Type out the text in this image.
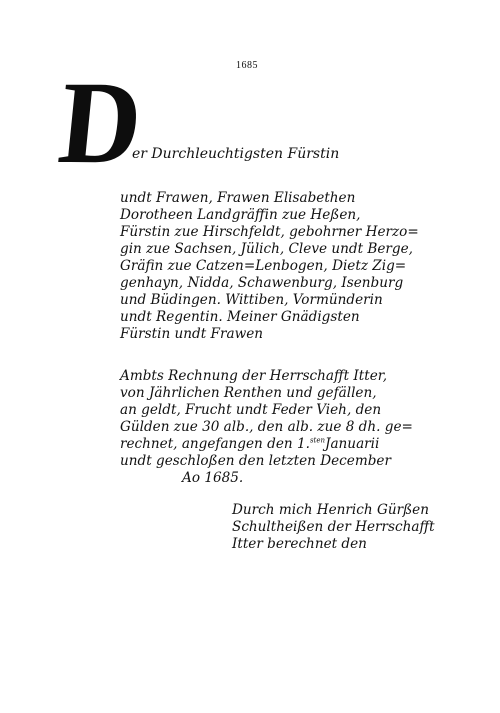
1685
D
er Durchleuchtigsten Fürstin
undt Frawen, Frawen Elisabethen
Dorotheen Landgräffin zue Heßen,
Fürstin zue Hirschfeldt, gebohrner Herzo=
gin zue Sachsen, Jülich, Cleve undt Berge,
Gräfin zue Catzen=Lenbogen, Dietz Zig=
genhayn, Nidda, Schawenburg, Isenburg
und Büdingen. Wittiben, Vormünderin
undt Regentin. Meiner Gnädigsten
Fürstin undt Frawen
Ambts Rechnung der Herrschafft Itter,
von Jährlichen Renthen und gefällen,
an geldt, Frucht undt Feder Vieh, den
Gülden zue 30 alb., den alb. zue 8 dh. ge=
rechnet, angefangen den 1.$^{sten}$Januarii
undt geschloßen den letzten December
Ao 1685.
Durch mich Henrich Gürßen
Schultheißen der Herrschafft
Itter berechnet den
